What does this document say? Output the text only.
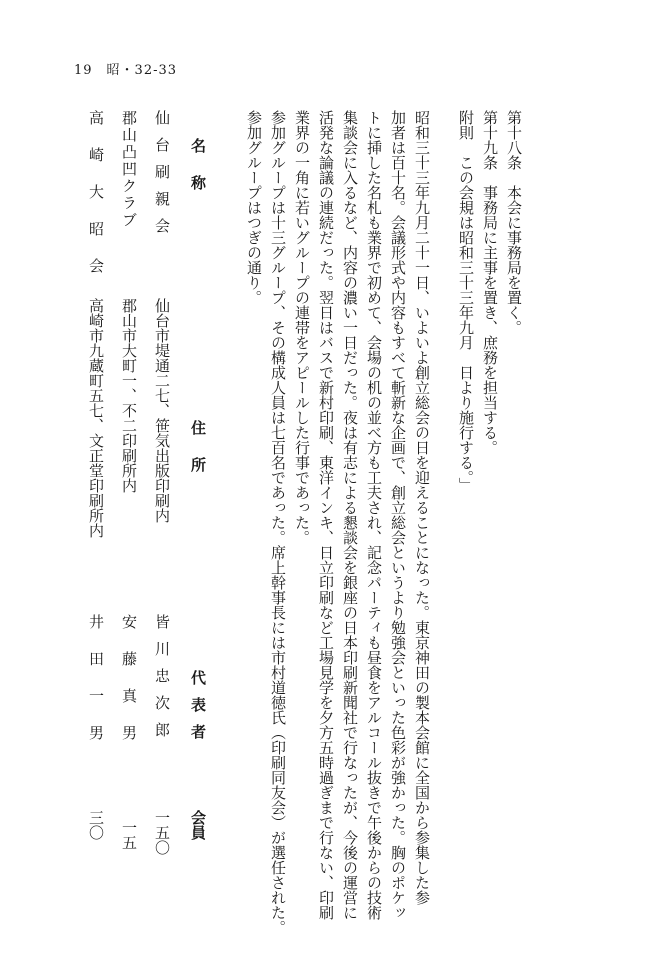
19　昭・32-33
第十八条　本会に事務局を置く。
第十九条　事務局に主事を置き、庶務を担当する。
附則　この会規は昭和三十三年九月　日より施行する。」
昭和三十三年九月二十一日、いよいよ創立総会の日を迎えることになった。東京神田の製本会館に全国から参集した参
加者は百十名。会議形式や内容もすべて斬新な企画で、創立総会というより勉強会といった色彩が強かった。胸のポケッ
トに挿した名札も業界で初めて、会場の机の並べ方も工夫され、記念パーティも昼食をアルコール抜きで午後からの技術
集談会に入るなど、内容の濃い一日だった。夜は有志による懇談会を銀座の日本印刷新聞社で行なったが、今後の運営に
活発な論議の連続だった。翌日はバスで新村印刷、東洋インキ、日立印刷など工場見学を夕方五時過ぎまで行ない、印刷
業界の一角に若いグループの連帯をアピールした行事であった。
参加グループは十三グループ、その構成人員は七百名であった。席上幹事長には市村道徳氏（印刷同友会）が選任された。
参加グループはつぎの通り。
名称
住所
代表者
会員
仙台刷親会
仙台市堤通二七、笹気出版印刷内
皆川忠次郎
一五〇
郡山凸凹クラブ
郡山市大町一、不二印刷所内
安藤真男
一五
高崎大昭会
高崎市九蔵町五七、文正堂印刷所内
井田一男
三〇
